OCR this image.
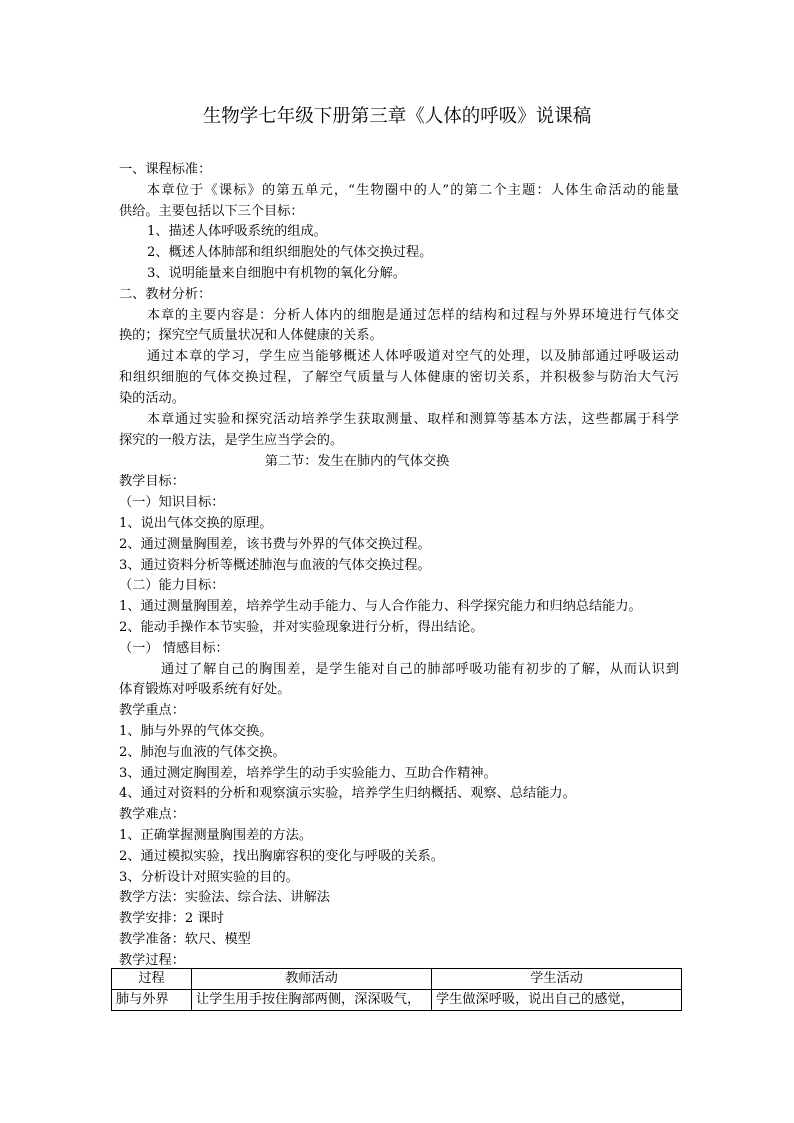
生物学七年级下册第三章《人体的呼吸》说课稿
一、课程标准：
本章位于《课标》的第五单元，“生物圈中的人”的第二个主题：人体生命活动的能量
供给。主要包括以下三个目标：
1、描述人体呼吸系统的组成。
2、概述人体肺部和组织细胞处的气体交换过程。
3、说明能量来自细胞中有机物的氧化分解。
二、教材分析：
本章的主要内容是：分析人体内的细胞是通过怎样的结构和过程与外界环境进行气体交
换的；探究空气质量状况和人体健康的关系。
通过本章的学习，学生应当能够概述人体呼吸道对空气的处理，以及肺部通过呼吸运动
和组织细胞的气体交换过程，了解空气质量与人体健康的密切关系，并积极参与防治大气污
染的活动。
本章通过实验和探究活动培养学生获取测量、取样和测算等基本方法，这些都属于科学
探究的一般方法，是学生应当学会的。
第二节：发生在肺内的气体交换
教学目标：
（一）知识目标：
1、说出气体交换的原理。
2、通过测量胸围差，该书费与外界的气体交换过程。
3、通过资料分析等概述肺泡与血液的气体交换过程。
（二）能力目标：
1、通过测量胸围差，培养学生动手能力、与人合作能力、科学探究能力和归纳总结能力。
2、能动手操作本节实验，并对实验现象进行分析，得出结论。
（一） 情感目标：
通过了解自己的胸围差，是学生能对自己的肺部呼吸功能有初步的了解，从而认识到
体育锻炼对呼吸系统有好处。
教学重点：
1、肺与外界的气体交换。
2、肺泡与血液的气体交换。
3、通过测定胸围差，培养学生的动手实验能力、互助合作精神。
4、通过对资料的分析和观察演示实验，培养学生归纳概括、观察、总结能力。
教学难点：
1、正确掌握测量胸围差的方法。
2、通过模拟实验，找出胸廓容积的变化与呼吸的关系。
3、分析设计对照实验的目的。
教学方法：实验法、综合法、讲解法
教学安排：2 课时
教学准备：软尺、模型
教学过程：
过程	教师活动	学生活动
肺与外界	让学生用手按住胸部两侧，深深吸气，	学生做深呼吸，说出自己的感觉，
